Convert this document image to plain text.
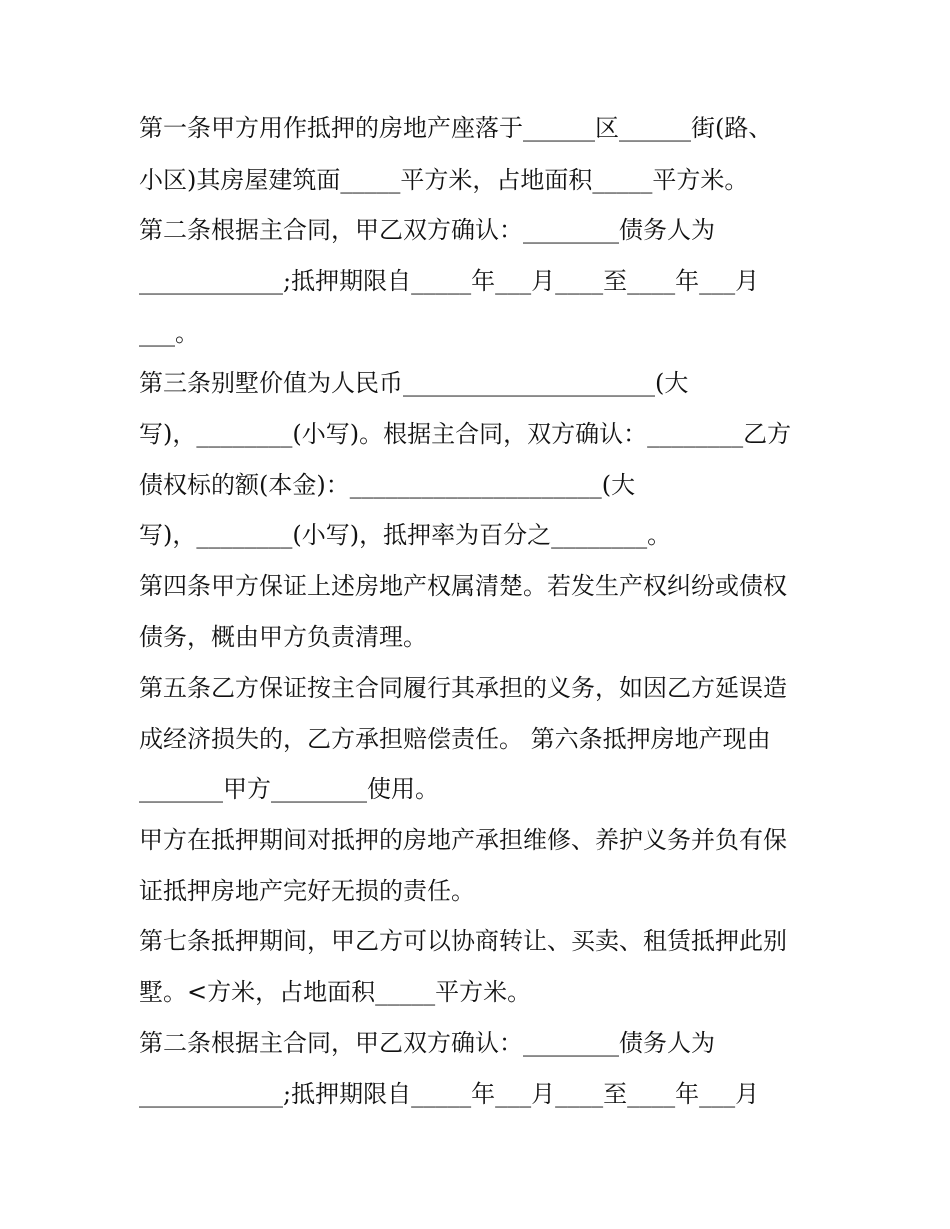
第一条甲方用作抵押的房地产座落于______区______街(路、
小区)其房屋建筑面_____平方米，占地面积_____平方米。
第二条根据主合同，甲乙双方确认：________债务人为
____________;抵押期限自_____年___月____至____年___月
___。
第三条别墅价值为人民币_____________________(大
写)，________(小写)。根据主合同，双方确认：________乙方
债权标的额(本金)：_____________________(大
写)，________(小写)，抵押率为百分之________。
第四条甲方保证上述房地产权属清楚。若发生产权纠纷或债权
债务，概由甲方负责清理。
第五条乙方保证按主合同履行其承担的义务，如因乙方延误造
成经济损失的，乙方承担赔偿责任。 第六条抵押房地产现由
_______甲方________使用。
甲方在抵押期间对抵押的房地产承担维修、养护义务并负有保
证抵押房地产完好无损的责任。
第七条抵押期间，甲乙方可以协商转让、买卖、租赁抵押此别
墅。<方米，占地面积_____平方米。
第二条根据主合同，甲乙双方确认：________债务人为
____________;抵押期限自_____年___月____至____年___月
